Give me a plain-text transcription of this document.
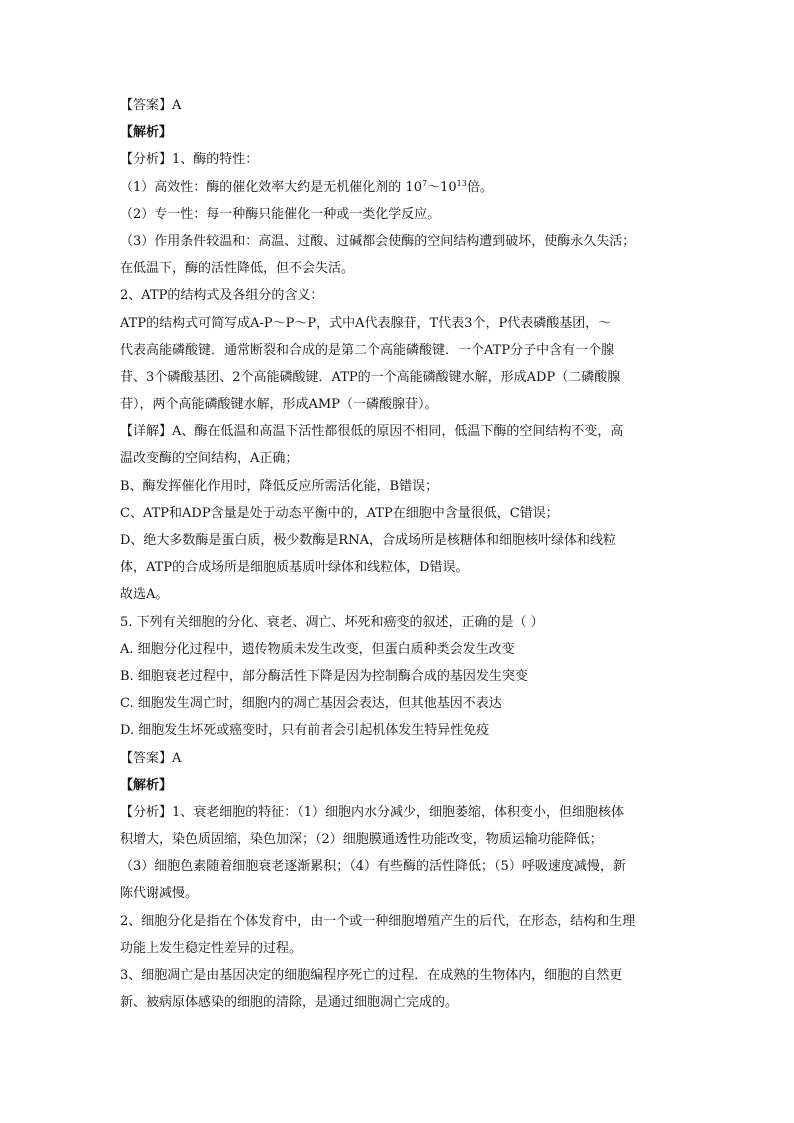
【答案】A
【解析】
【分析】1、酶的特性：
（1）高效性：酶的催化效率大约是无机催化剂的 $10^7\sim 10^{13}$倍。
（2）专一性：每一种酶只能催化一种或一类化学反应。
（3）作用条件较温和：高温、过酸、过碱都会使酶的空间结构遭到破坏，使酶永久失活；
在低温下，酶的活性降低，但不会失活。
2、ATP的结构式及各组分的含义：
ATP的结构式可简写成A-P～P～P，式中A代表腺苷，T代表3个，P代表磷酸基团，～
代表高能磷酸键．通常断裂和合成的是第二个高能磷酸键．一个ATP分子中含有一个腺
苷、3个磷酸基团、2个高能磷酸键．ATP的一个高能磷酸键水解，形成ADP（二磷酸腺
苷），两个高能磷酸键水解，形成AMP（一磷酸腺苷）。
【详解】A、酶在低温和高温下活性都很低的原因不相同，低温下酶的空间结构不变，高
温改变酶的空间结构，A正确；
B、酶发挥催化作用时，降低反应所需活化能，B错误；
C、ATP和ADP含量是处于动态平衡中的，ATP在细胞中含量很低，C错误；
D、绝大多数酶是蛋白质，极少数酶是RNA，合成场所是核糖体和细胞核叶绿体和线粒
体，ATP的合成场所是细胞质基质叶绿体和线粒体，D错误。
故选A。
5. 下列有关细胞的分化、衰老、凋亡、坏死和癌变的叙述，正确的是（ ）
A. 细胞分化过程中，遗传物质未发生改变，但蛋白质种类会发生改变
B. 细胞衰老过程中，部分酶活性下降是因为控制酶合成的基因发生突变
C. 细胞发生凋亡时，细胞内的凋亡基因会表达，但其他基因不表达
D. 细胞发生坏死或癌变时，只有前者会引起机体发生特异性免疫
【答案】A
【解析】
【分析】1、衰老细胞的特征：（1）细胞内水分减少，细胞萎缩，体积变小，但细胞核体
积增大，染色质固缩，染色加深；（2）细胞膜通透性功能改变，物质运输功能降低；
（3）细胞色素随着细胞衰老逐渐累积；（4）有些酶的活性降低；（5）呼吸速度减慢，新
陈代谢减慢。
2、细胞分化是指在个体发育中，由一个或一种细胞增殖产生的后代，在形态，结构和生理
功能上发生稳定性差异的过程。
3、细胞凋亡是由基因决定的细胞编程序死亡的过程．在成熟的生物体内，细胞的自然更
新、被病原体感染的细胞的清除，是通过细胞凋亡完成的。
